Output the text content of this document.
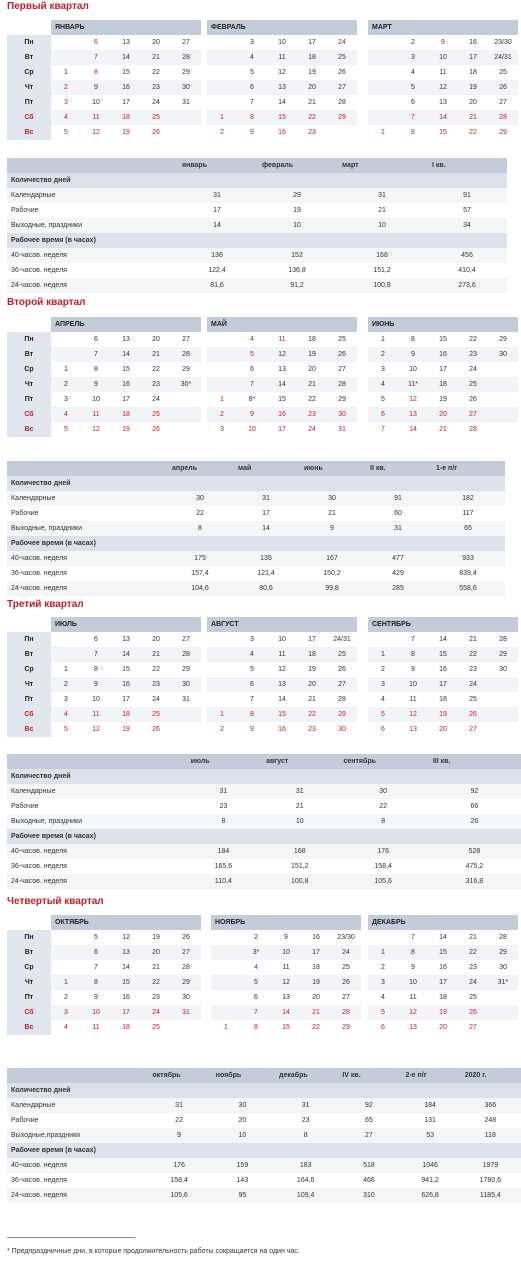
Первый квартал
	ЯНВАРЬ						ФЕВРАЛЬ						МАРТ				
Пн		6	13	20	27			3	10	17	24			2	9	16	23/30
Вт		7	14	21	28			4	11	18	25			3	10	17	24/31
Ср	1	8	15	22	29			5	12	19	26			4	11	18	25
Чт	2	9	16	23	30			6	13	20	27			5	12	19	26
Пт	3	10	17	24	31			7	14	21	28			6	13	20	27
Сб	4	11	18	25			1	8	15	22	29			7	14	21	28
Вс	5	12	19	26			2	9	16	23			1	8	15	22	29
	январь	февраль	март	I кв.
Количество дней				
Календарные	31	29	31	91
Рабочие	17	19	21	57
Выходные, праздники	14	10	10	34
Рабочее время (в часах)				
40-часов. неделя	136	152	168	456
36-часов. неделя	122,4	136,8	151,2	410,4
24-часов. неделя	81,6	91,2	100,8	273,6
Второй квартал
	АПРЕЛЬ						МАЙ						ИЮНЬ				
Пн		6	13	20	27			4	11	18	25		1	8	15	22	29
Вт		7	14	21	28			5	12	19	26		2	9	16	23	30
Ср	1	8	15	22	29			6	13	20	27		3	10	17	24	
Чт	2	9	16	23	30*			7	14	21	28		4	11*	18	25	
Пт	3	10	17	24			1	8*	15	22	29		5	12	19	26	
Сб	4	11	18	25			2	9	16	23	30		6	13	20	27	
Вс	5	12	19	26			3	10	17	24	31		7	14	21	28	
	апрель	май	июнь	II кв.	1-е п/г
Количество дней					
Календарные	30	31	30	91	182
Рабочие	22	17	21	60	117
Выходные, праздники	8	14	9	31	65
Рабочее время (в часах)					
40-часов. неделя	175	135	167	477	933
36-часов. неделя	157,4	121,4	150,2	429	839,4
24-часов. неделя	104,6	80,6	99,8	285	558,6
Третий квартал
	ИЮЛЬ						АВГУСТ						СЕНТЯБРЬ				
Пн		6	13	20	27			3	10	17	24/31			7	14	21	28
Вт		7	14	21	28			4	11	18	25		1	8	15	22	29
Ср	1	8	15	22	29			5	12	19	26		2	9	16	23	30
Чт	2	9	16	23	30			6	13	20	27		3	10	17	24	
Пт	3	10	17	24	31			7	14	21	28		4	11	18	25	
Сб	4	11	18	25			1	8	15	22	29		5	12	19	26	
Вс	5	12	19	26			2	9	16	23	30		6	13	20	27	
	июль	август	сентябрь	III кв.
Количество дней				
Календарные	31	31	30	92
Рабочие	23	21	22	66
Выходные, праздники	8	10	8	26
Рабочее время (в часах)				
40-часов. неделя	184	168	176	528
36-часов. неделя	165,6	151,2	158,4	475,2
24-часов. неделя	110,4	100,8	105,6	316,8
Четвертый квартал
	ОКТЯБРЬ						НОЯБРЬ						ДЕКАБРЬ				
Пн		5	12	19	26			2	9	16	23/30			7	14	21	28
Вт		6	13	20	27			3*	10	17	24		1	8	15	22	29
Ср		7	14	21	28			4	11	18	25		2	9	16	23	30
Чт	1	8	15	22	29			5	12	19	26		3	10	17	24	31*
Пт	2	9	16	23	30			6	13	20	27		4	11	18	25	
Сб	3	10	17	24	31			7	14	21	28		5	12	19	26	
Вс	4	11	18	25			1	8	15	22	29		6	13	20	27	
	октябрь	ноябрь	декабрь	IV кв.	2-е п/г	2020 г.
Количество дней						
Календарные	31	30	31	92	184	366
Рабочие	22	20	23	65	131	248
Выходные,праздники	9	10	8	27	53	118
Рабочее время (в часах)						
40-часов. неделя	176	159	183	518	1046	1979
36-часов. неделя	158,4	143	164,6	466	941,2	1780,6
24-часов. неделя	105,6	95	109,4	310	626,8	1185,4
* Предпраздничные дни, в которые продолжительность работы сокращается на один час.
